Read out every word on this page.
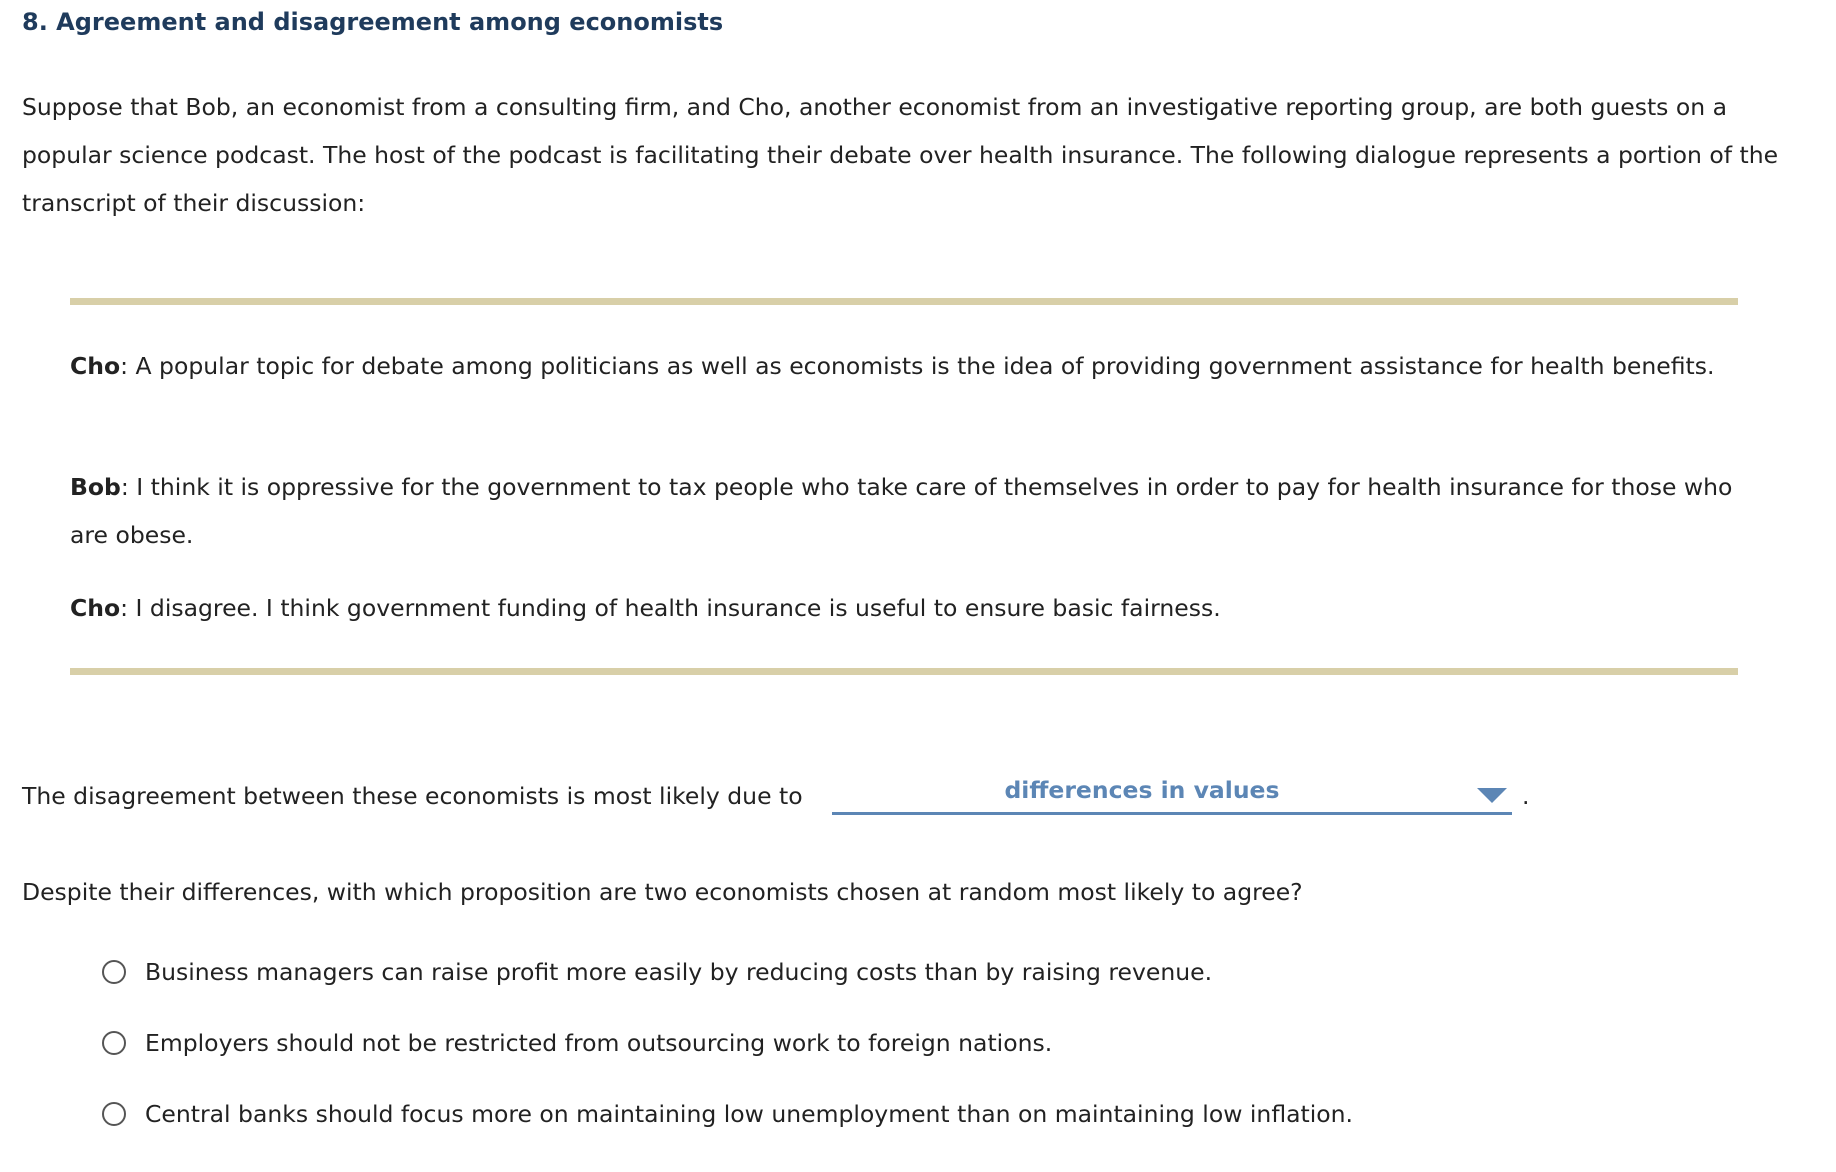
8. Agreement and disagreement among economists
Suppose that Bob, an economist from a consulting firm, and Cho, another economist from an investigative reporting group, are both guests on a popular science podcast. The host of the podcast is facilitating their debate over health insurance. The following dialogue represents a portion of the transcript of their discussion:
Cho: A popular topic for debate among politicians as well as economists is the idea of providing government assistance for health benefits.
Bob: I think it is oppressive for the government to tax people who take care of themselves in order to pay for health insurance for those who are obese.
Cho: I disagree. I think government funding of health insurance is useful to ensure basic fairness.
The disagreement between these economists is most likely due to	differences in values	.
Despite their differences, with which proposition are two economists chosen at random most likely to agree?
Business managers can raise profit more easily by reducing costs than by raising revenue.
Employers should not be restricted from outsourcing work to foreign nations.
Central banks should focus more on maintaining low unemployment than on maintaining low inflation.
